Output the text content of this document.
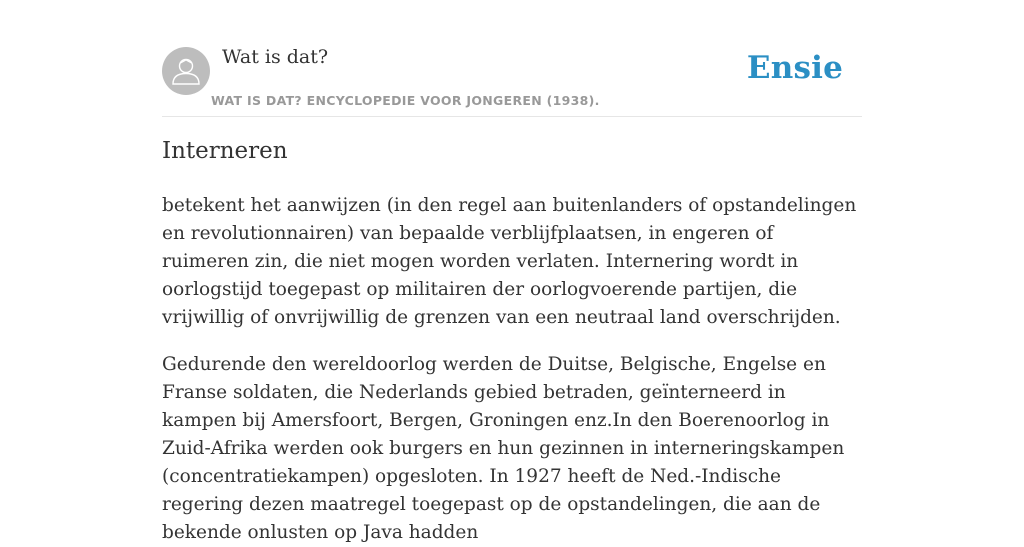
Wat is dat?
WAT IS DAT? ENCYCLOPEDIE VOOR JONGEREN (1938).
Ensie
Interneren

betekent het aanwijzen (in den regel aan buitenlanders of opstandelingen en revolutionnairen) van bepaalde verblijfplaatsen, in engeren of ruimeren zin, die niet mogen worden verlaten. Internering wordt in oorlogstijd toegepast op militairen der oorlogvoerende partijen, die vrijwillig of onvrijwillig de grenzen van een neutraal land overschrijden.

Gedurende den wereldoorlog werden de Duitse, Belgische, Engelse en Franse soldaten, die Nederlands gebied betraden, geïnterneerd in kampen bij Amersfoort, Bergen, Groningen enz.In den Boerenoorlog in Zuid-Afrika werden ook burgers en hun gezinnen in interneringskampen (concentratiekampen) opgesloten. In 1927 heeft de Ned.-Indische regering dezen maatregel toegepast op de opstandelingen, die aan de bekende onlusten op Java hadden
